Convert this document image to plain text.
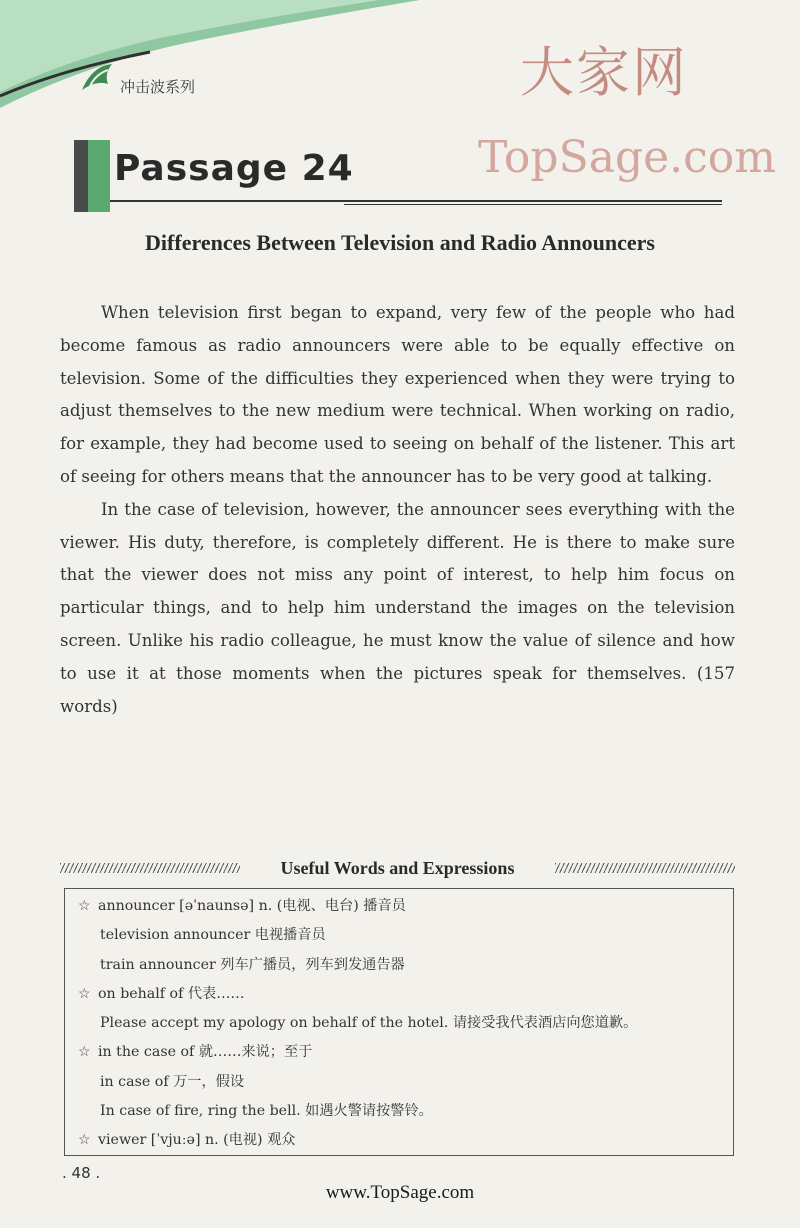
冲击波系列	大家网
TopSage.com
Passage 24
Differences Between Television and Radio Announcers

When television first began to expand, very few of the people who had become famous as radio announcers were able to be equally effective on television. Some of the difficulties they experienced when they were trying to adjust themselves to the new medium were technical. When working on radio, for example, they had become used to seeing on behalf of the listener. This art of seeing for others means that the announcer has to be very good at talking.

In the case of television, however, the announcer sees everything with the viewer. His duty, therefore, is completely different. He is there to make sure that the viewer does not miss any point of interest, to help him focus on particular things, and to help him understand the images on the television screen. Unlike his radio colleague, he must know the value of silence and how to use it at those moments when the pictures speak for themselves. (157 words)

Useful Words and Expressions
☆ announcer [əˈnaunsə] n. (电视、电台) 播音员
television announcer 电视播音员
train announcer 列车广播员，列车到发通告器
☆ on behalf of 代表……
Please accept my apology on behalf of the hotel. 请接受我代表酒店向您道歉。
☆ in the case of 就……来说；至于
in case of 万一，假设
In case of fire, ring the bell. 如遇火警请按警铃。
☆ viewer [ˈvjuːə] n. (电视) 观众
. 48 .
www.TopSage.com
